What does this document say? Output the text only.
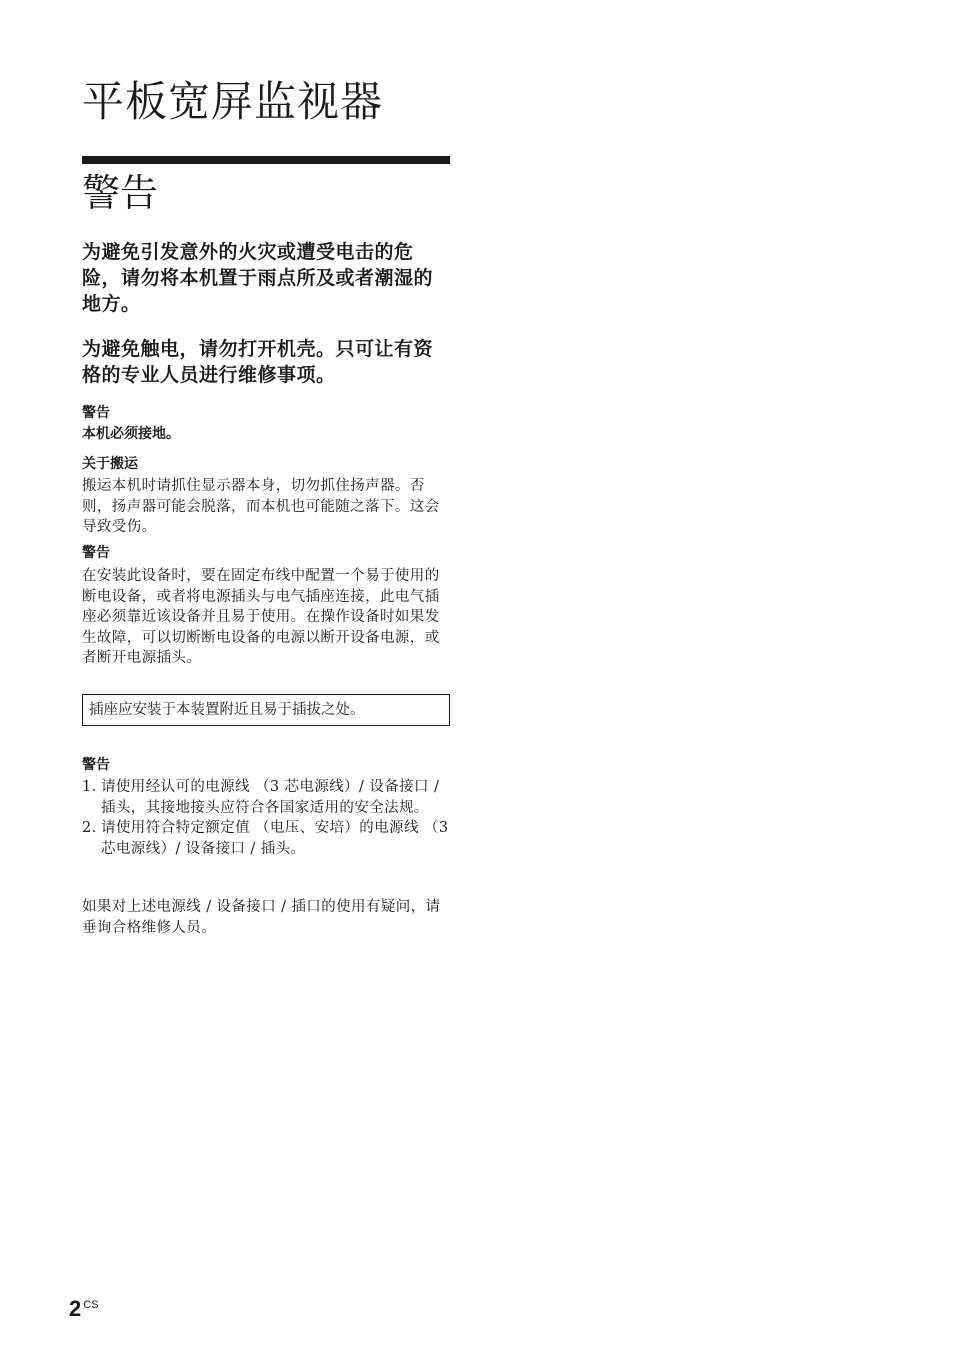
平板宽屏监视器
警告
为避免引发意外的火灾或遭受电击的危险，请勿将本机置于雨点所及或者潮湿的地方。
为避免触电，请勿打开机壳。只可让有资格的专业人员进行维修事项。
警告
本机必须接地。
关于搬运
搬运本机时请抓住显示器本身，切勿抓住扬声器。否则，扬声器可能会脱落，而本机也可能随之落下。这会导致受伤。
警告
在安装此设备时，要在固定布线中配置一个易于使用的断电设备，或者将电源插头与电气插座连接，此电气插座必须靠近该设备并且易于使用。在操作设备时如果发生故障，可以切断断电设备的电源以断开设备电源，或者断开电源插头。
插座应安装于本装置附近且易于插拔之处。
警告
1. 请使用经认可的电源线 （3 芯电源线）/ 设备接口 / 插头，其接地接头应符合各国家适用的安全法规。
2. 请使用符合特定额定值 （电压、安培）的电源线 （3 芯电源线）/ 设备接口 / 插头。
如果对上述电源线 / 设备接口 / 插口的使用有疑问，请垂询合格维修人员。
2 $^{CS}$
